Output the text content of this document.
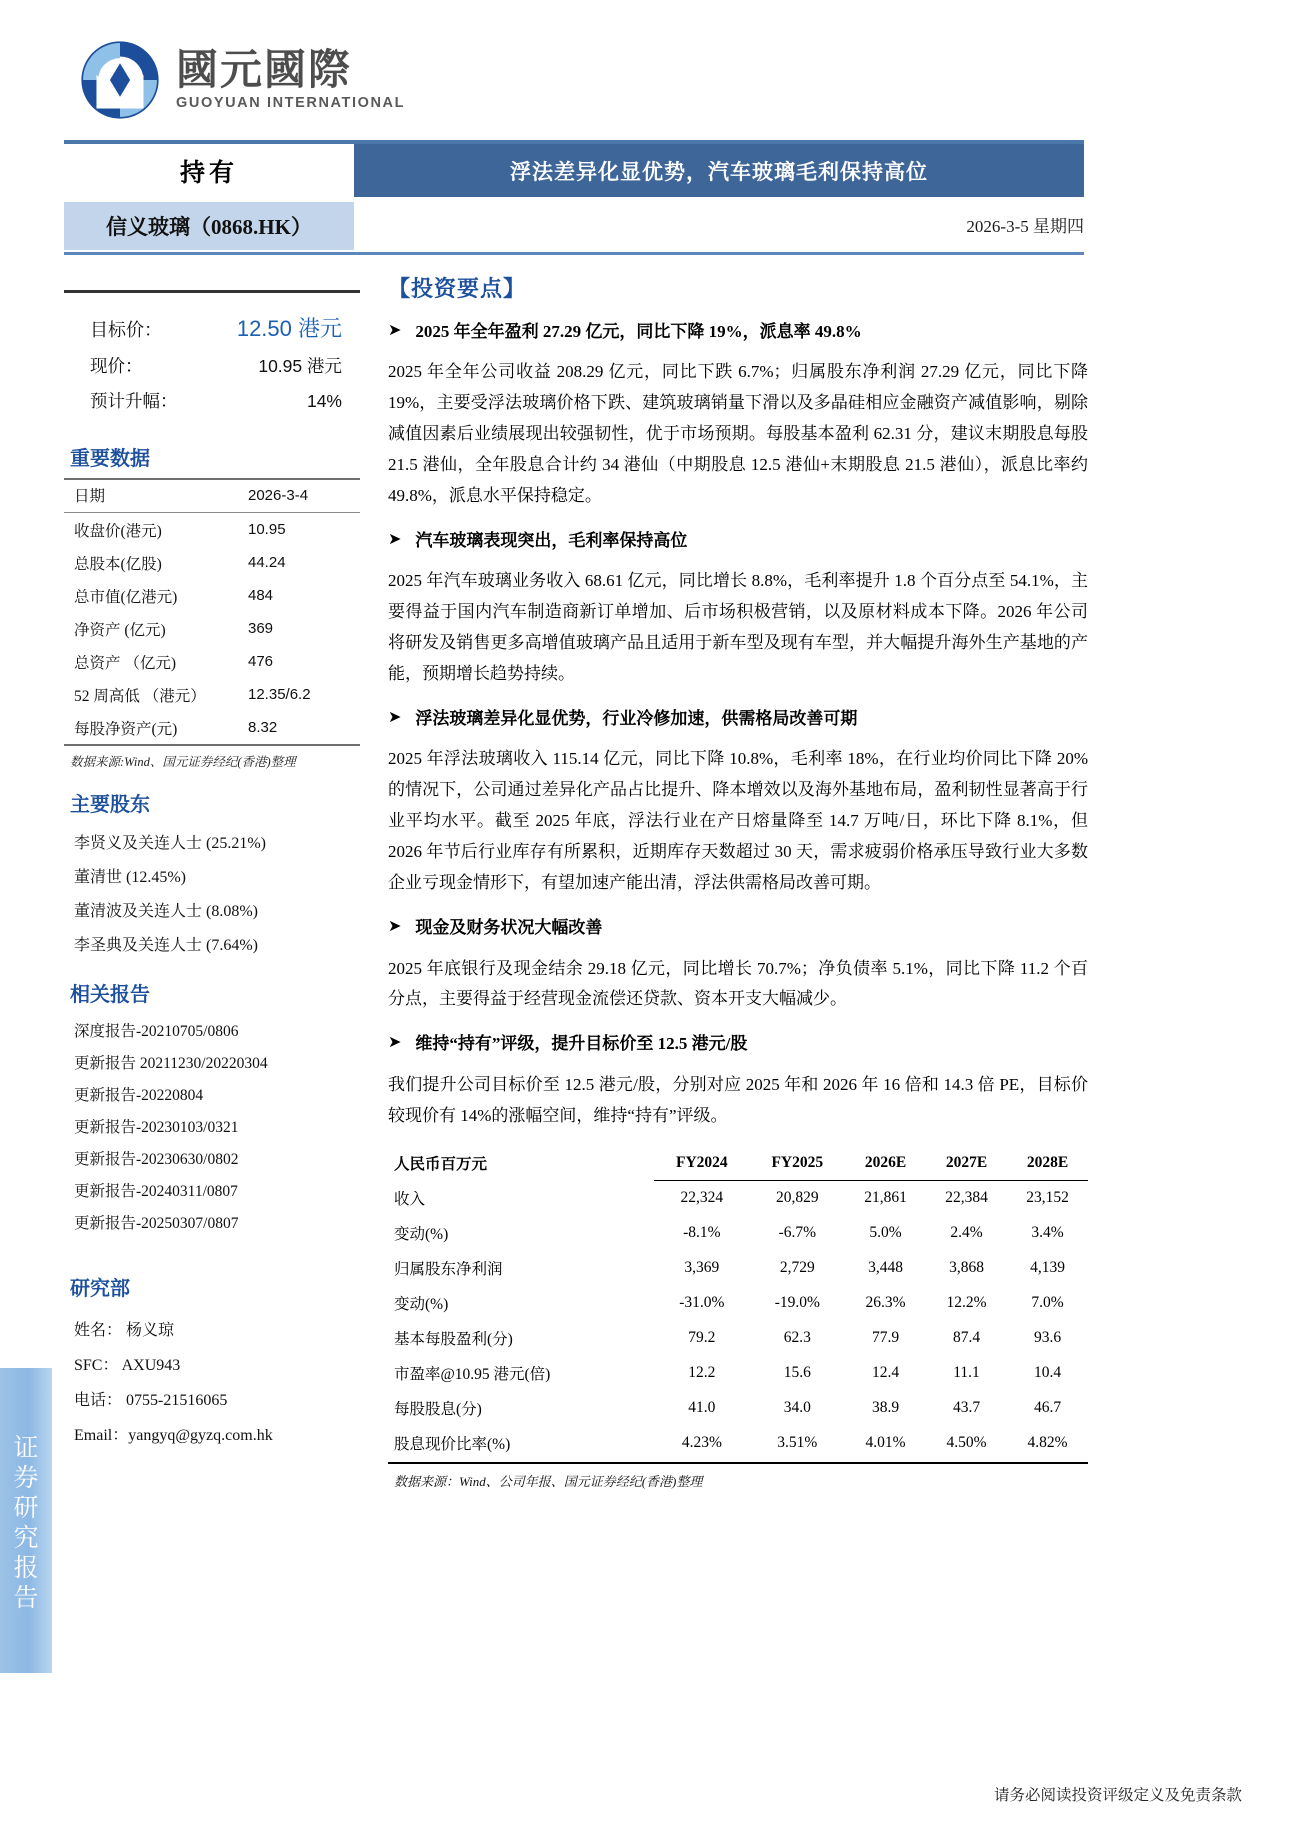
证
券
研
究
报
告
國元國際
GUOYUAN INTERNATIONAL
持有	浮法差异化显优势，汽车玻璃毛利保持高位
信义玻璃（0868.HK）	2026-3-5 星期四
目标价：	12.50 港元
现价：	10.95 港元
预计升幅：	14%
重要数据
日期	2026-3-4
收盘价(港元)	10.95
总股本(亿股)	44.24
总市值(亿港元)	484
净资产 (亿元)	369
总资产 （亿元)	476
52 周高低 （港元）	12.35/6.2
每股净资产(元)	8.32
数据来源:Wind、国元证券经纪(香港)整理
主要股东
李贤义及关连人士 (25.21%)
董清世 (12.45%)
董清波及关连人士 (8.08%)
李圣典及关连人士 (7.64%)
相关报告
深度报告-20210705/0806
更新报告 20211230/20220304
更新报告-20220804
更新报告-20230103/0321
更新报告-20230630/0802
更新报告-20240311/0807
更新报告-20250307/0807
研究部
姓名： 杨义琼
SFC： AXU943
电话： 0755-21516065
Email：yangyq@gyzq.com.hk
【投资要点】
➤ 2025 年全年盈利 27.29 亿元，同比下降 19%，派息率 49.8%

2025 年全年公司收益 208.29 亿元，同比下跌 6.7%；归属股东净利润 27.29 亿元，同比下降 19%，主要受浮法玻璃价格下跌、建筑玻璃销量下滑以及多晶硅相应金融资产减值影响，剔除减值因素后业绩展现出较强韧性，优于市场预期。每股基本盈利 62.31 分，建议末期股息每股 21.5 港仙，全年股息合计约 34 港仙（中期股息 12.5 港仙+末期股息 21.5 港仙），派息比率约 49.8%，派息水平保持稳定。

➤ 汽车玻璃表现突出，毛利率保持高位

2025 年汽车玻璃业务收入 68.61 亿元，同比增长 8.8%，毛利率提升 1.8 个百分点至 54.1%，主要得益于国内汽车制造商新订单增加、后市场积极营销，以及原材料成本下降。2026 年公司将研发及销售更多高增值玻璃产品且适用于新车型及现有车型，并大幅提升海外生产基地的产能，预期增长趋势持续。

➤ 浮法玻璃差异化显优势，行业冷修加速，供需格局改善可期

2025 年浮法玻璃收入 115.14 亿元，同比下降 10.8%，毛利率 18%，在行业均价同比下降 20%的情况下，公司通过差异化产品占比提升、降本增效以及海外基地布局，盈利韧性显著高于行业平均水平。截至 2025 年底，浮法行业在产日熔量降至 14.7 万吨/日，环比下降 8.1%，但 2026 年节后行业库存有所累积，近期库存天数超过 30 天，需求疲弱价格承压导致行业大多数企业亏现金情形下，有望加速产能出清，浮法供需格局改善可期。

➤ 现金及财务状况大幅改善

2025 年底银行及现金结余 29.18 亿元，同比增长 70.7%；净负债率 5.1%，同比下降 11.2 个百分点，主要得益于经营现金流偿还贷款、资本开支大幅减少。

➤ 维持“持有”评级，提升目标价至 12.5 港元/股

我们提升公司目标价至 12.5 港元/股，分别对应 2025 年和 2026 年 16 倍和 14.3 倍 PE，目标价较现价有 14%的涨幅空间，维持“持有”评级。

人民币百万元	FY2024	FY2025	2026E	2027E	2028E
收入	22,324	20,829	21,861	22,384	23,152
变动(%)	-8.1%	-6.7%	5.0%	2.4%	3.4%
归属股东净利润	3,369	2,729	3,448	3,868	4,139
变动(%)	-31.0%	-19.0%	26.3%	12.2%	7.0%
基本每股盈利(分)	79.2	62.3	77.9	87.4	93.6
市盈率@10.95 港元(倍)	12.2	15.6	12.4	11.1	10.4
每股股息(分)	41.0	34.0	38.9	43.7	46.7
股息现价比率(%)	4.23%	3.51%	4.01%	4.50%	4.82%
数据来源：Wind、公司年报、国元证券经纪(香港)整理
请务必阅读投资评级定义及免责条款
